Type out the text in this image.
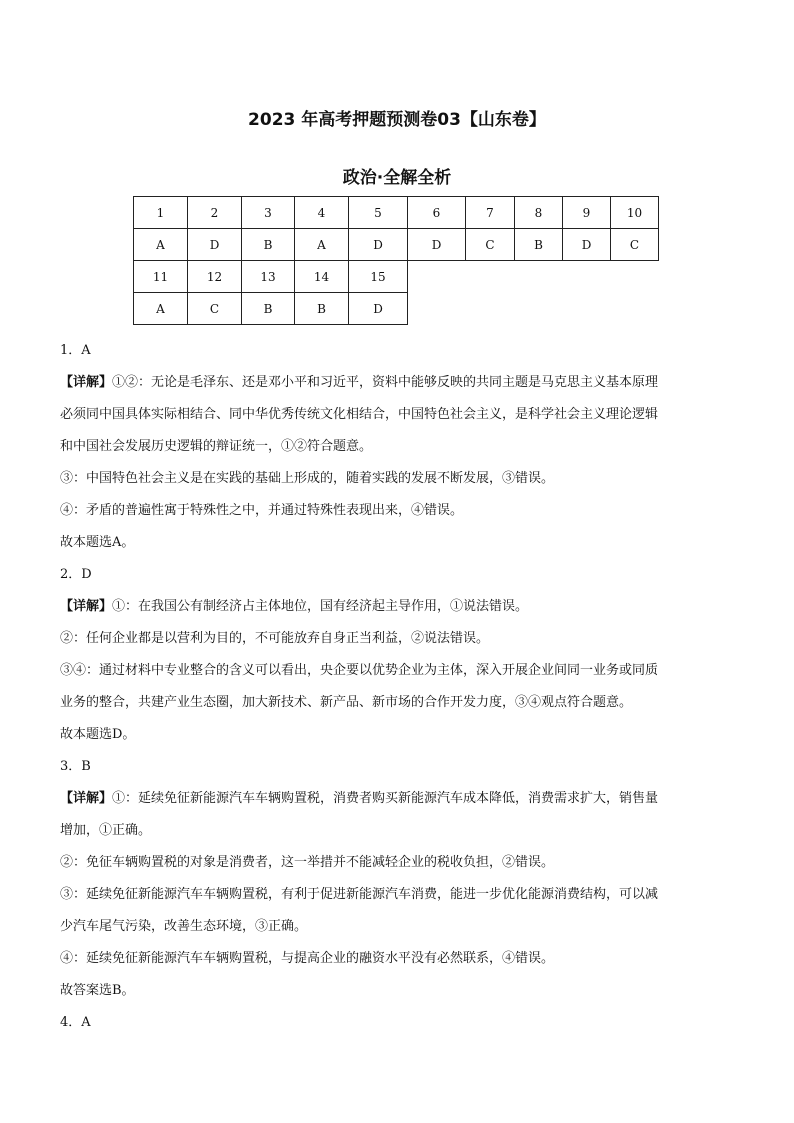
2023 年高考押题预测卷03【山东卷】
政治·全解全析
1	2	3	4	5	6	7	8	9	10
A	D	B	A	D	D	C	B	D	C
11	12	13	14	15
A	C	B	B	D

1．A

【详解】①②：无论是毛泽东、还是邓小平和习近平，资料中能够反映的共同主题是马克思主义基本原理

必须同中国具体实际相结合、同中华优秀传统文化相结合，中国特色社会主义，是科学社会主义理论逻辑

和中国社会发展历史逻辑的辩证统一，①②符合题意。

③：中国特色社会主义是在实践的基础上形成的，随着实践的发展不断发展，③错误。

④：矛盾的普遍性寓于特殊性之中，并通过特殊性表现出来，④错误。

故本题选A。

2．D

【详解】①：在我国公有制经济占主体地位，国有经济起主导作用，①说法错误。

②：任何企业都是以营利为目的，不可能放弃自身正当利益，②说法错误。

③④：通过材料中专业整合的含义可以看出，央企要以优势企业为主体，深入开展企业间同一业务或同质

业务的整合，共建产业生态圈，加大新技术、新产品、新市场的合作开发力度，③④观点符合题意。

故本题选D。

3．B

【详解】①：延续免征新能源汽车车辆购置税，消费者购买新能源汽车成本降低，消费需求扩大，销售量

增加，①正确。

②：免征车辆购置税的对象是消费者，这一举措并不能减轻企业的税收负担，②错误。

③：延续免征新能源汽车车辆购置税，有利于促进新能源汽车消费，能进一步优化能源消费结构，可以减

少汽车尾气污染，改善生态环境，③正确。

④：延续免征新能源汽车车辆购置税，与提高企业的融资水平没有必然联系，④错误。

故答案选B。

4．A
